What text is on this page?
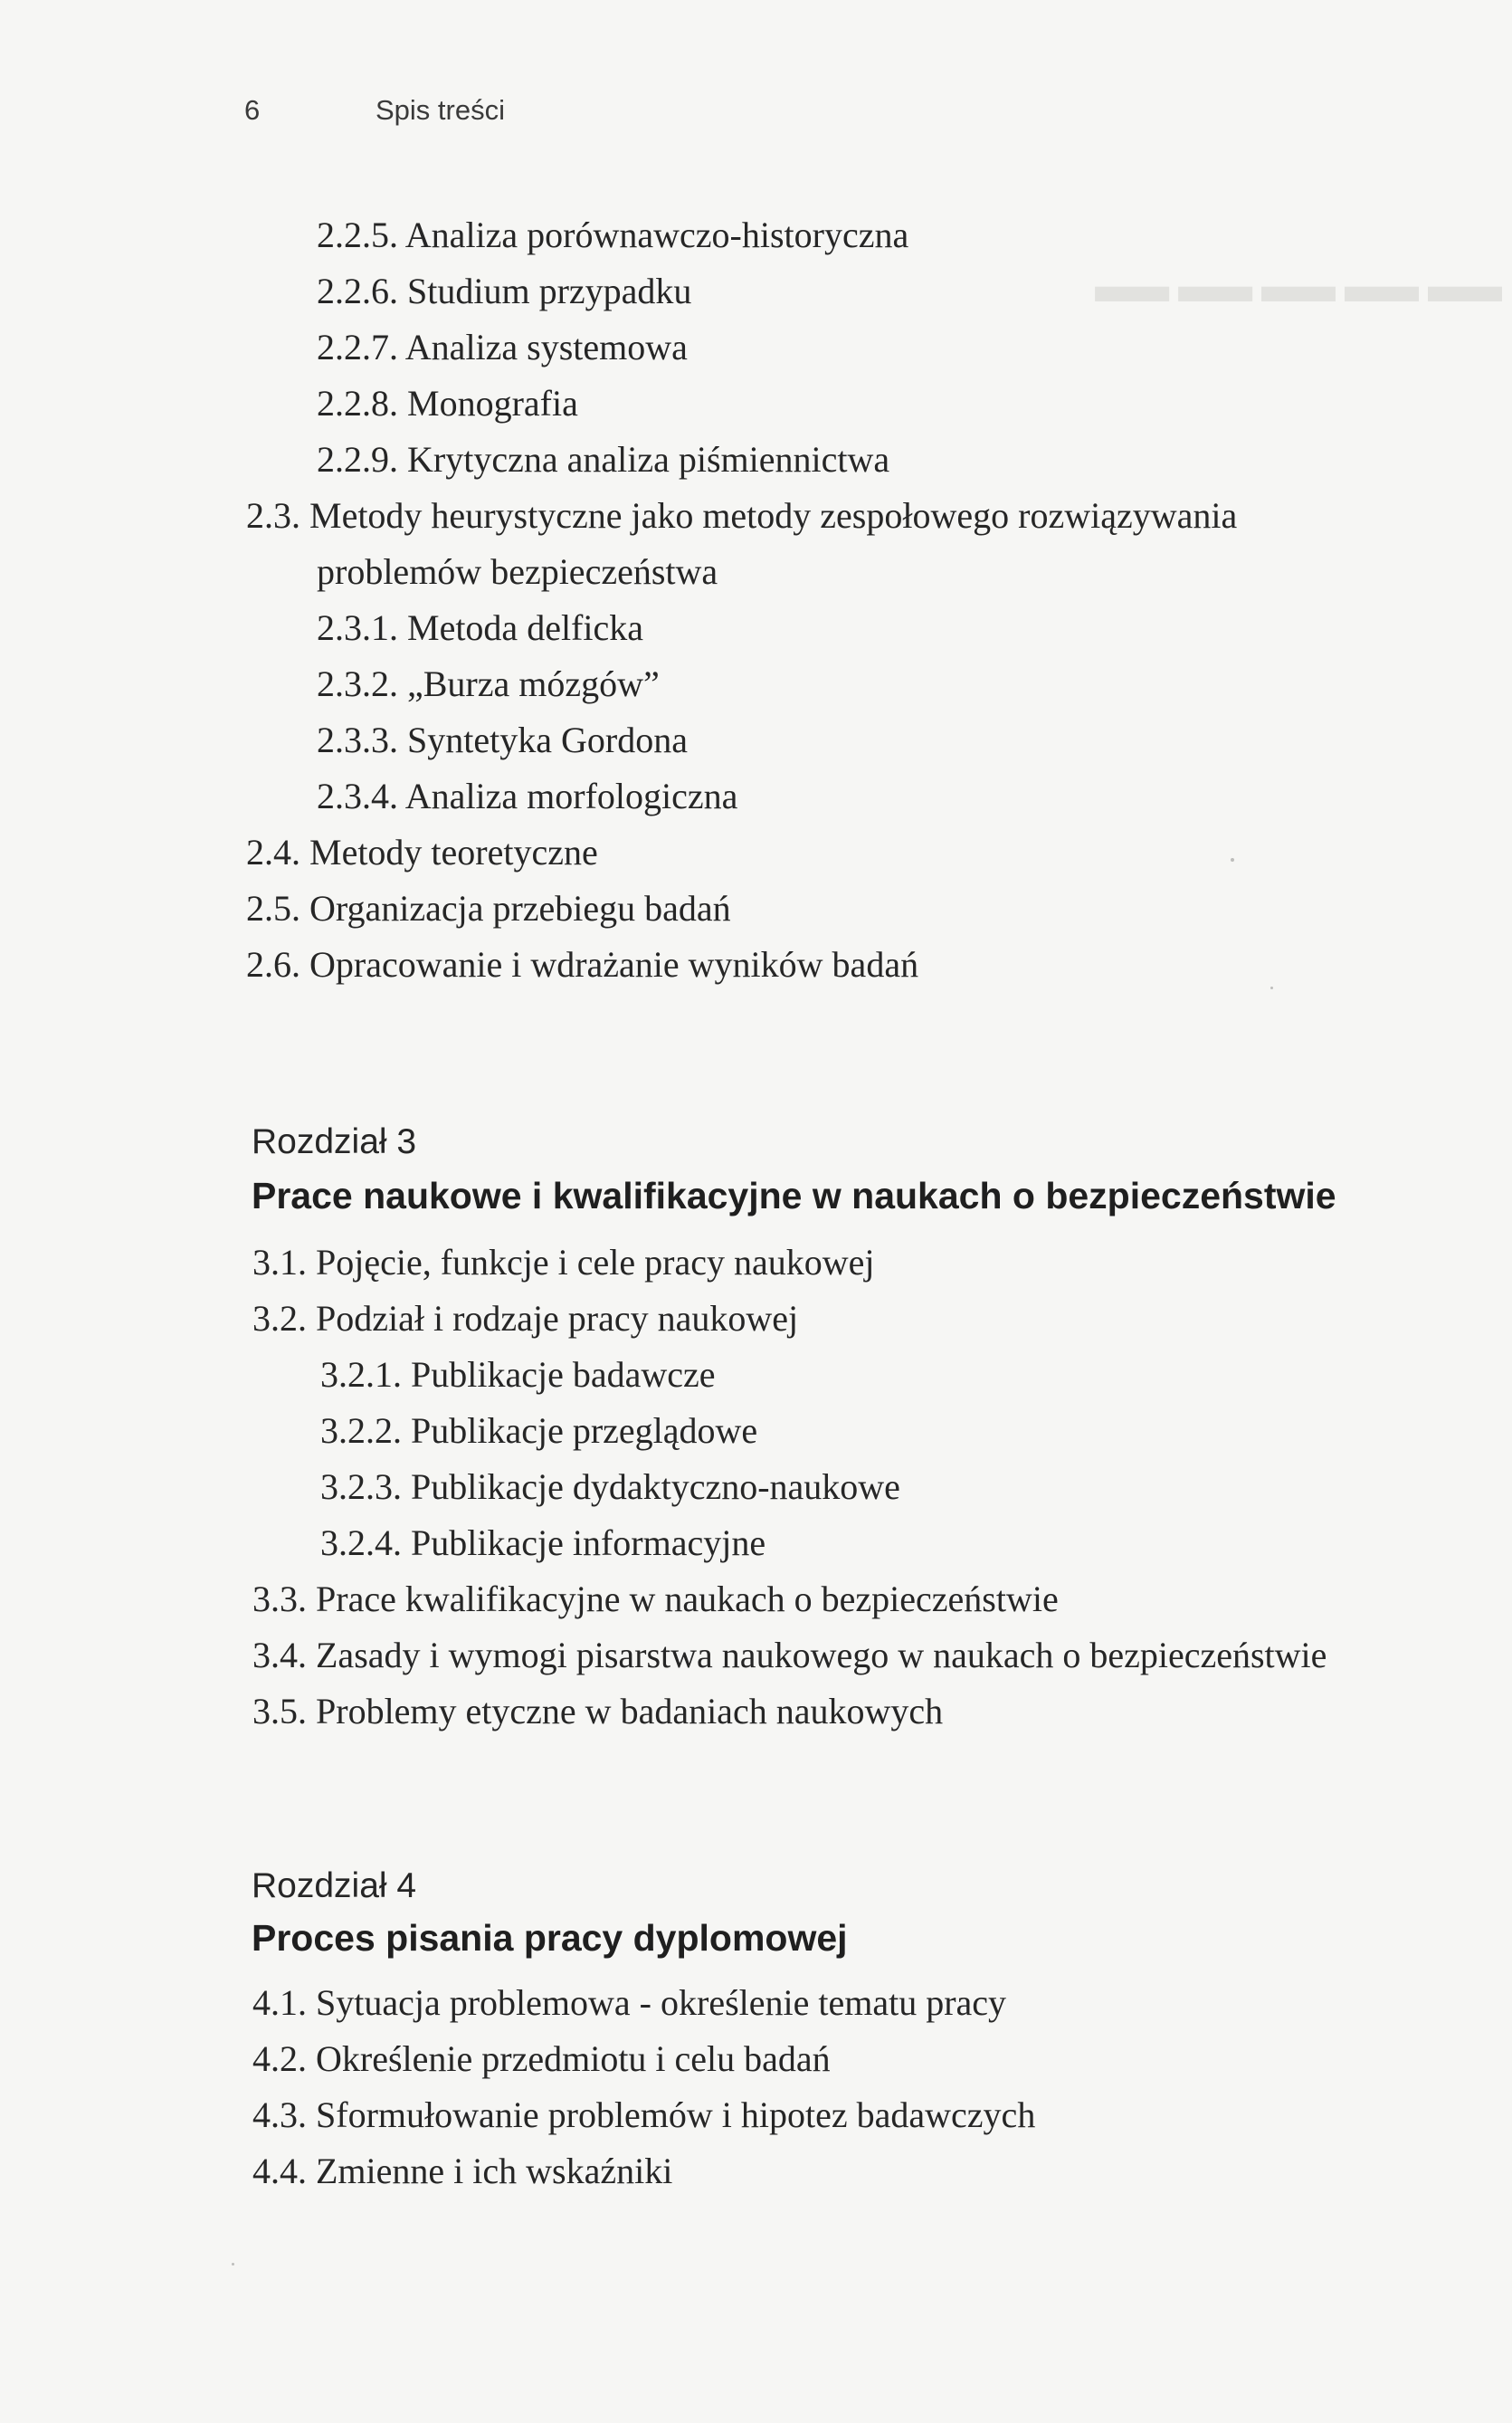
▁▁▁▁▁
6	Spis treści
2.2.5. Analiza porównawczo-historyczna
2.2.6. Studium przypadku
2.2.7. Analiza systemowa
2.2.8. Monografia
2.2.9. Krytyczna analiza piśmiennictwa
2.3. Metody heurystyczne jako metody zespołowego rozwiązywania
problemów bezpieczeństwa
2.3.1. Metoda delficka
2.3.2. „Burza mózgów”
2.3.3. Syntetyka Gordona
2.3.4. Analiza morfologiczna
2.4. Metody teoretyczne
2.5. Organizacja przebiegu badań
2.6. Opracowanie i wdrażanie wyników badań
Rozdział 3
Prace naukowe i kwalifikacyjne w naukach o bezpieczeństwie
3.1. Pojęcie, funkcje i cele pracy naukowej
3.2. Podział i rodzaje pracy naukowej
3.2.1. Publikacje badawcze
3.2.2. Publikacje przeglądowe
3.2.3. Publikacje dydaktyczno-naukowe
3.2.4. Publikacje informacyjne
3.3. Prace kwalifikacyjne w naukach o bezpieczeństwie
3.4. Zasady i wymogi pisarstwa naukowego w naukach o bezpieczeństwie
3.5. Problemy etyczne w badaniach naukowych
Rozdział 4
Proces pisania pracy dyplomowej
4.1. Sytuacja problemowa - określenie tematu pracy
4.2. Określenie przedmiotu i celu badań
4.3. Sformułowanie problemów i hipotez badawczych
4.4. Zmienne i ich wskaźniki
